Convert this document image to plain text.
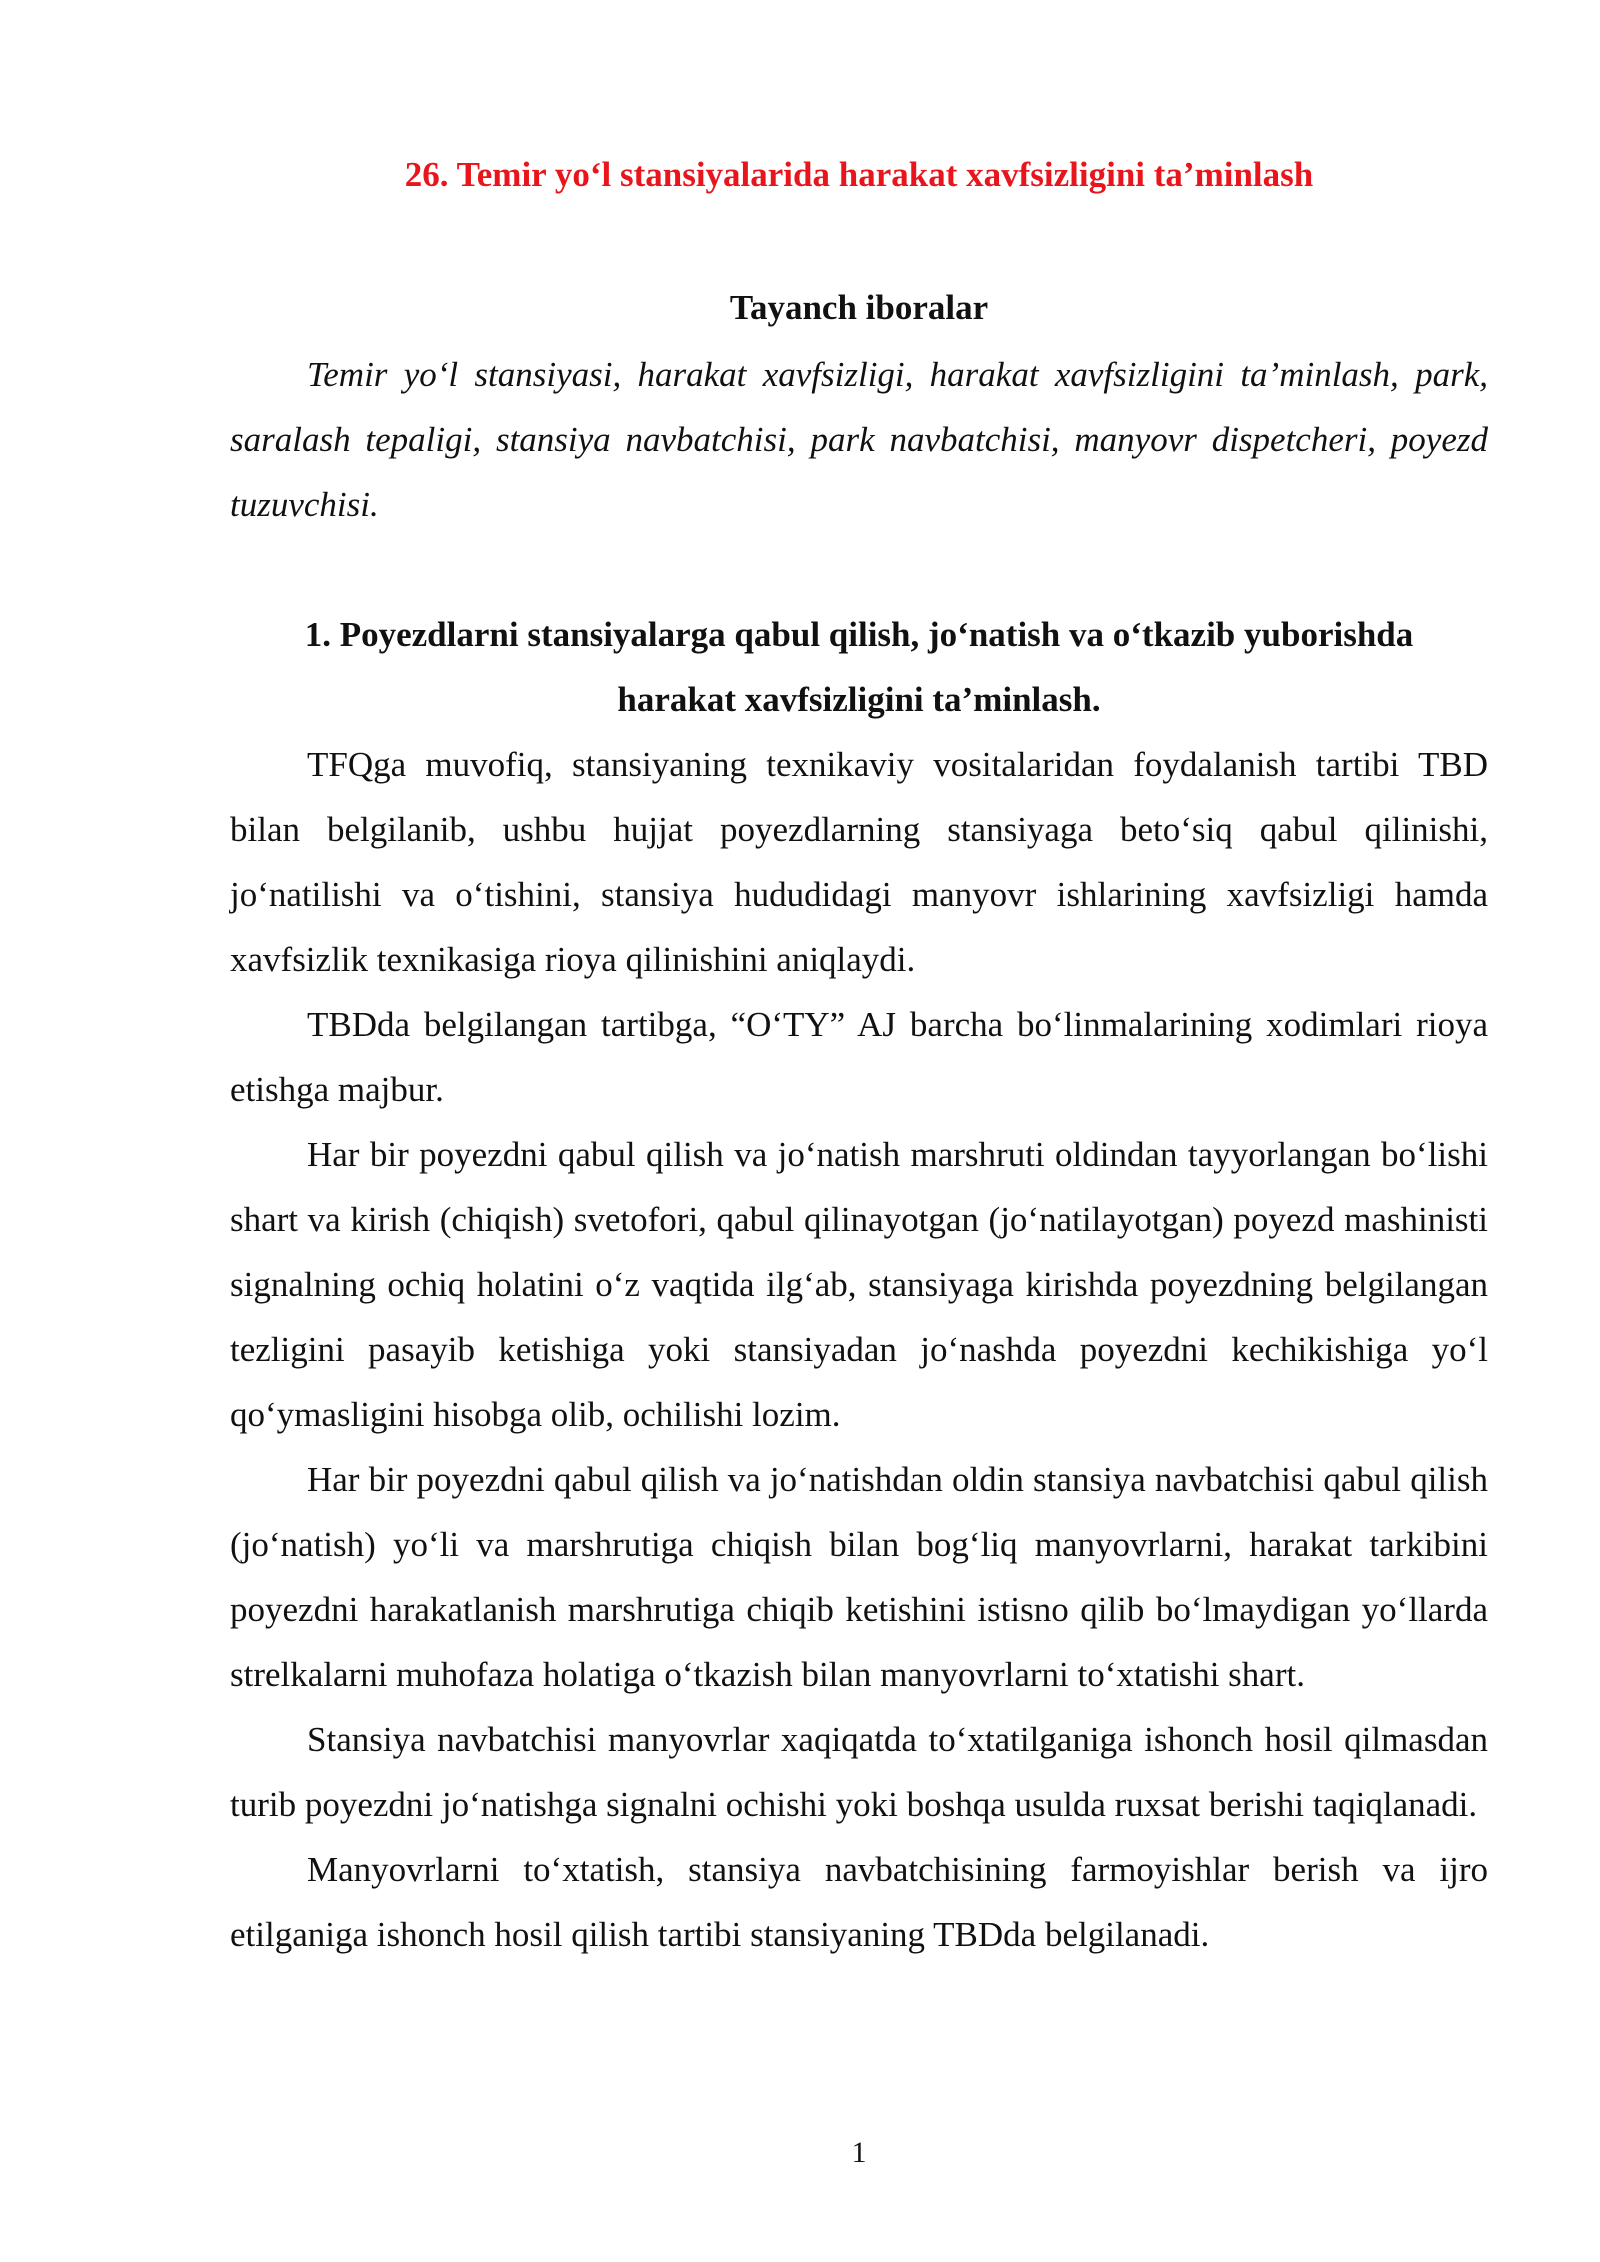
26. Temir yo‘l stansiyalarida harakat xavfsizligini ta’minlash
Tayanch iboralar

Temir yo‘l stansiyasi, harakat xavfsizligi, harakat xavfsizligini ta’minlash, park, saralash tepaligi, stansiya navbatchisi, park navbatchisi, manyovr dispetcheri, poyezd tuzuvchisi.

1. Poyezdlarni stansiyalarga qabul qilish, jo‘natish va o‘tkazib yuborishda
harakat xavfsizligini ta’minlash.

TFQga muvofiq, stansiyaning texnikaviy vositalaridan foydalanish tartibi TBD bilan belgilanib, ushbu hujjat poyezdlarning stansiyaga beto‘siq qabul qilinishi, jo‘natilishi va o‘tishini, stansiya hududidagi manyovr ishlarining xavfsizligi hamda xavfsizlik texnikasiga rioya qilinishini aniqlaydi.

TBDda belgilangan tartibga, “O‘TY” AJ barcha bo‘linmalarining xodimlari rioya etishga majbur.

Har bir poyezdni qabul qilish va jo‘natish marshruti oldindan tayyorlangan bo‘lishi shart va kirish (chiqish) svetofori, qabul qilinayotgan (jo‘natilayotgan) poyezd mashinisti signalning ochiq holatini o‘z vaqtida ilg‘ab, stansiyaga kirishda poyezdning belgilangan tezligini pasayib ketishiga yoki stansiyadan jo‘nashda poyezdni kechikishiga yo‘l qo‘ymasligini hisobga olib, ochilishi lozim.

Har bir poyezdni qabul qilish va jo‘natishdan oldin stansiya navbatchisi qabul qilish (jo‘natish) yo‘li va marshrutiga chiqish bilan bog‘liq manyovrlarni, harakat tarkibini poyezdni harakatlanish marshrutiga chiqib ketishini istisno qilib bo‘lmaydigan yo‘llarda strelkalarni muhofaza holatiga o‘tkazish bilan manyovrlarni to‘xtatishi shart.

Stansiya navbatchisi manyovrlar xaqiqatda to‘xtatilganiga ishonch hosil qilmasdan turib poyezdni jo‘natishga signalni ochishi yoki boshqa usulda ruxsat berishi taqiqlanadi.

Manyovrlarni to‘xtatish, stansiya navbatchisining farmoyishlar berish va ijro etilganiga ishonch hosil qilish tartibi stansiyaning TBDda belgilanadi.

1
